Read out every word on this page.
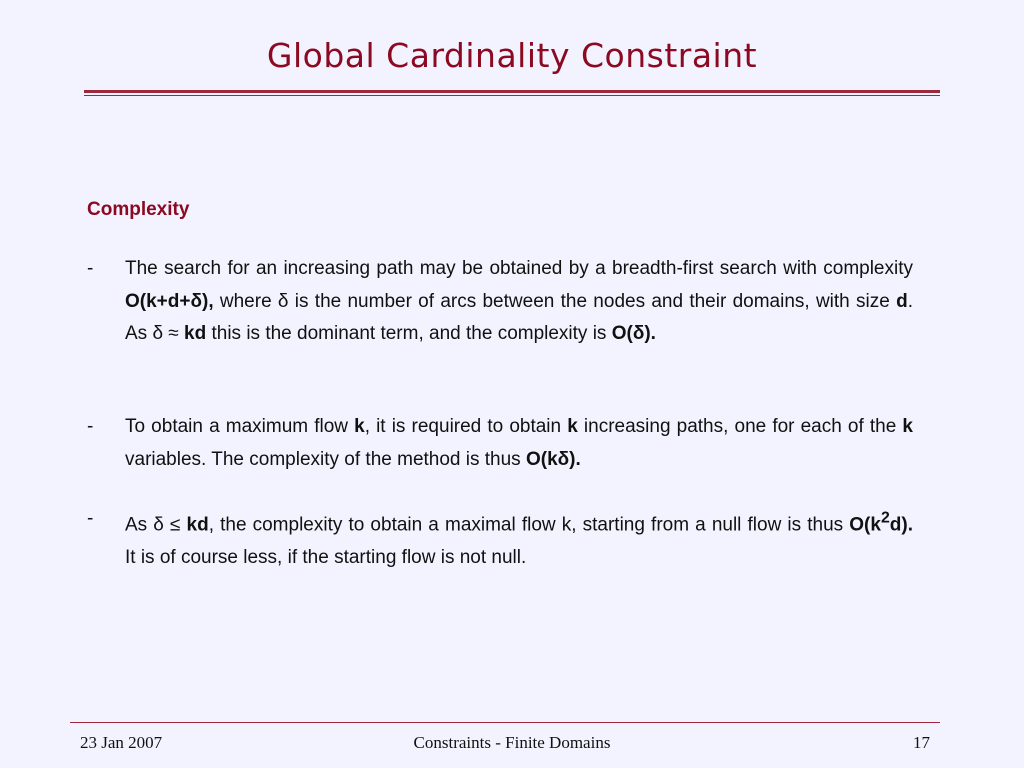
Global Cardinality Constraint
Complexity
- The search for an increasing path may be obtained by a breadth-first search with complexity O(k+d+δ), where δ is the number of arcs between the nodes and their domains, with size d. As δ ≈ kd this is the dominant term, and the complexity is O(δ).
- To obtain a maximum flow k, it is required to obtain k increasing paths, one for each of the k variables. The complexity of the method is thus O(kδ).
- As δ ≤ kd, the complexity to obtain a maximal flow k, starting from a null flow is thus $O(k^2d)$. It is of course less, if the starting flow is not null.
23 Jan 2007	Constraints - Finite Domains	17
